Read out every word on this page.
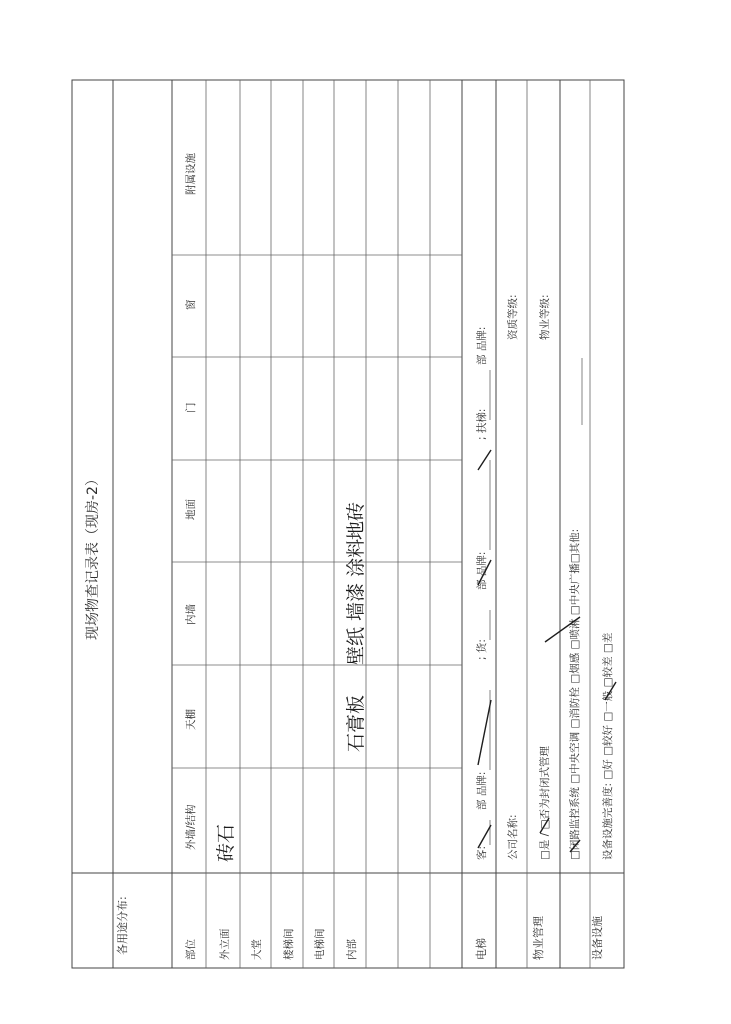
现场物查记录表（现房-2）
各用途分布:	部位
外墙/结构
天棚
内墙
地面
门
窗
附属设施
外立面 大堂 楼梯间 电梯间 内部
砖石
石膏板
壁纸 墙漆 涂料
地砖
电梯
客:
部 品牌:
; 货:
部 品牌:
; 扶梯:
部 品牌:
物业管理
公司名称:
资质等级:
□是 / □否为封闭式管理
物业等级:
设备设施
□闭路监控系统 □中央空调 □消防栓 □烟感 □喷淋 □中央广播□其他: 设备设施完善度: □好 □较好 □一般 □较差 □差
